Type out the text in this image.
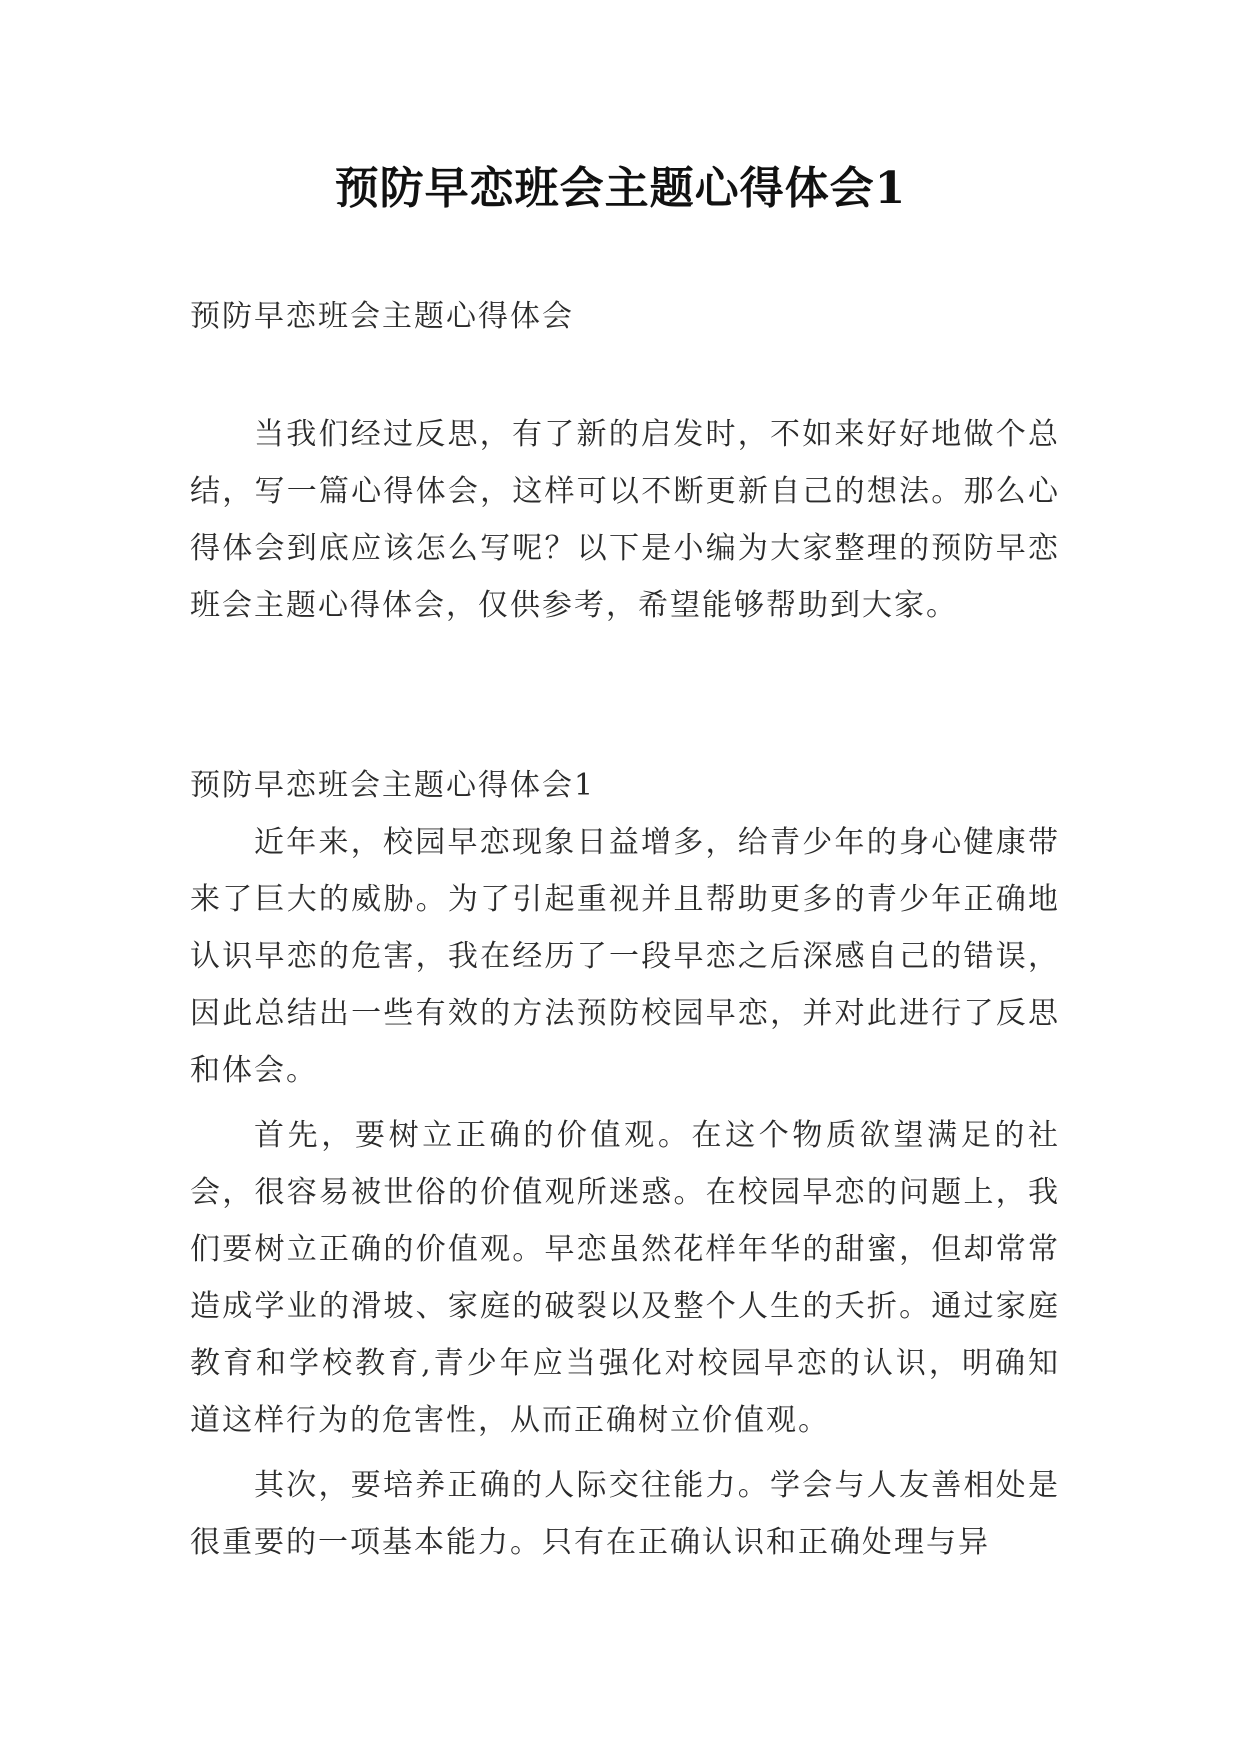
预防早恋班会主题心得体会1
预防早恋班会主题心得体会

当我们经过反思，有了新的启发时，不如来好好地做个总结，写一篇心得体会，这样可以不断更新自己的想法。那么心得体会到底应该怎么写呢？以下是小编为大家整理的预防早恋班会主题心得体会，仅供参考，希望能够帮助到大家。

预防早恋班会主题心得体会1

近年来，校园早恋现象日益增多，给青少年的身心健康带来了巨大的威胁。为了引起重视并且帮助更多的青少年正确地认识早恋的危害，我在经历了一段早恋之后深感自己的错误，因此总结出一些有效的方法预防校园早恋，并对此进行了反思和体会。

首先，要树立正确的价值观。在这个物质欲望满足的社会，很容易被世俗的价值观所迷惑。在校园早恋的问题上，我们要树立正确的价值观。早恋虽然花样年华的甜蜜，但却常常造成学业的滑坡、家庭的破裂以及整个人生的夭折。通过家庭教育和学校教育,青少年应当强化对校园早恋的认识，明确知道这样行为的危害性，从而正确树立价值观。

其次，要培养正确的人际交往能力。学会与人友善相处是很重要的一项基本能力。只有在正确认识和正确处理与异
